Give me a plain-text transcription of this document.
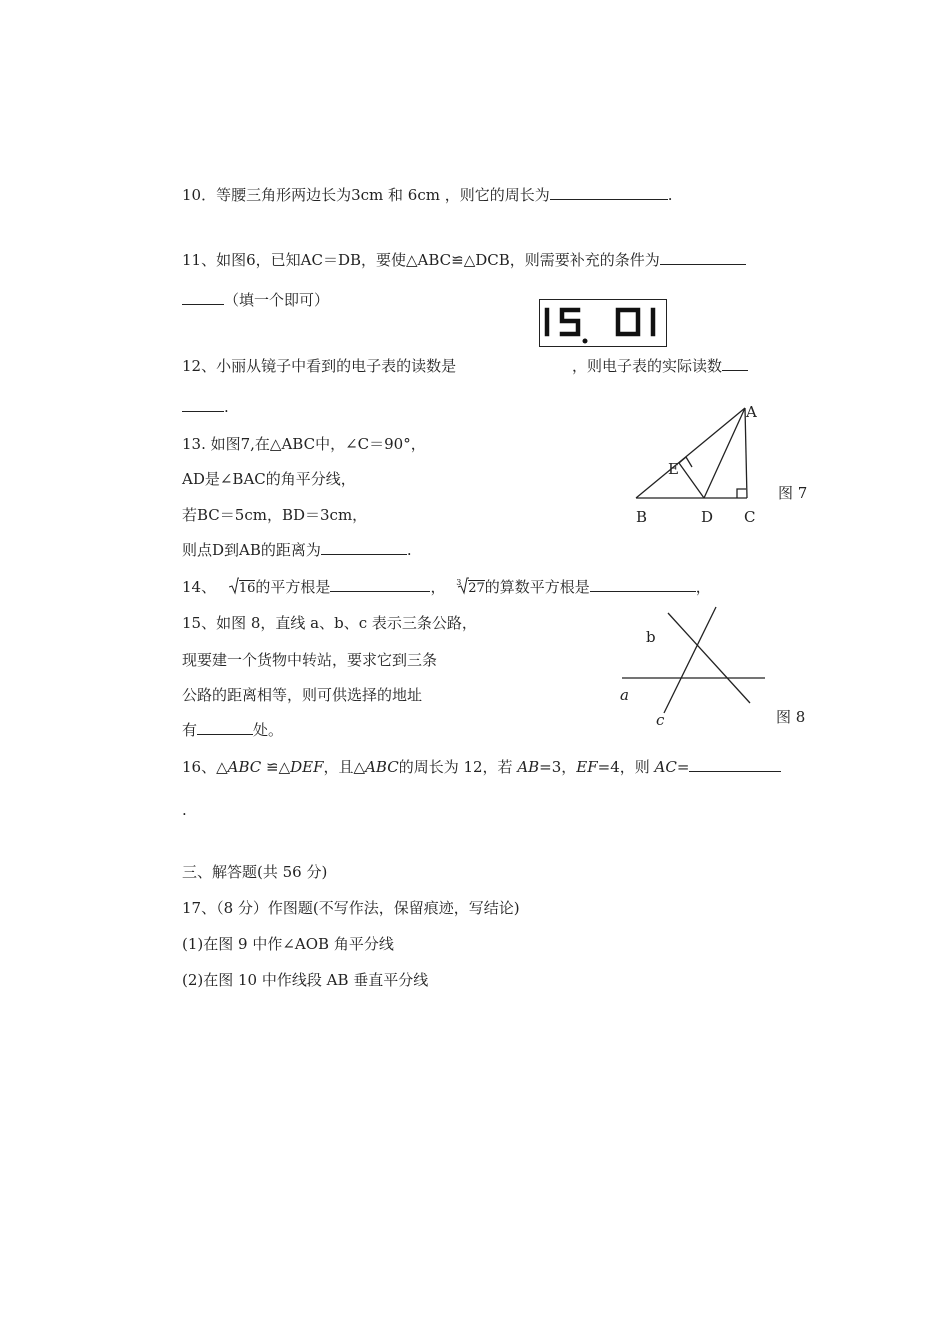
10．等腰三角形两边长为3cm 和 6cm ，则它的周长为	.
11、如图6，已知AC＝DB，要使△ABC≌△DCB，则需要补充的条件为
（填一个即可）
12、小丽从镜子中看到的电子表的读数是	，则电子表的实际读数
.
13. 如图7,在△ABC中，∠C＝90°，
AD是∠BAC的角平分线，
若BC＝5cm，BD＝3cm，
则点D到AB的距离为	.
A
E
B	D C
图 7
14、 16的平方根是	， 3 27的算数平方根是	，
15、如图 8，直线 a、b、c 表示三条公路，
现要建一个货物中转站，要求它到三条
公路的距离相等，则可供选择的地址
有	处。
b
a
c	图 8
16、△ABC ≌△DEF，且△ABC的周长为 12，若 AB=3，EF=4，则 AC=
.
三、解答题(共 56 分)
17、（8 分）作图题(不写作法，保留痕迹，写结论)
(1)在图 9 中作∠AOB 角平分线
(2)在图 10 中作线段 AB 垂直平分线
